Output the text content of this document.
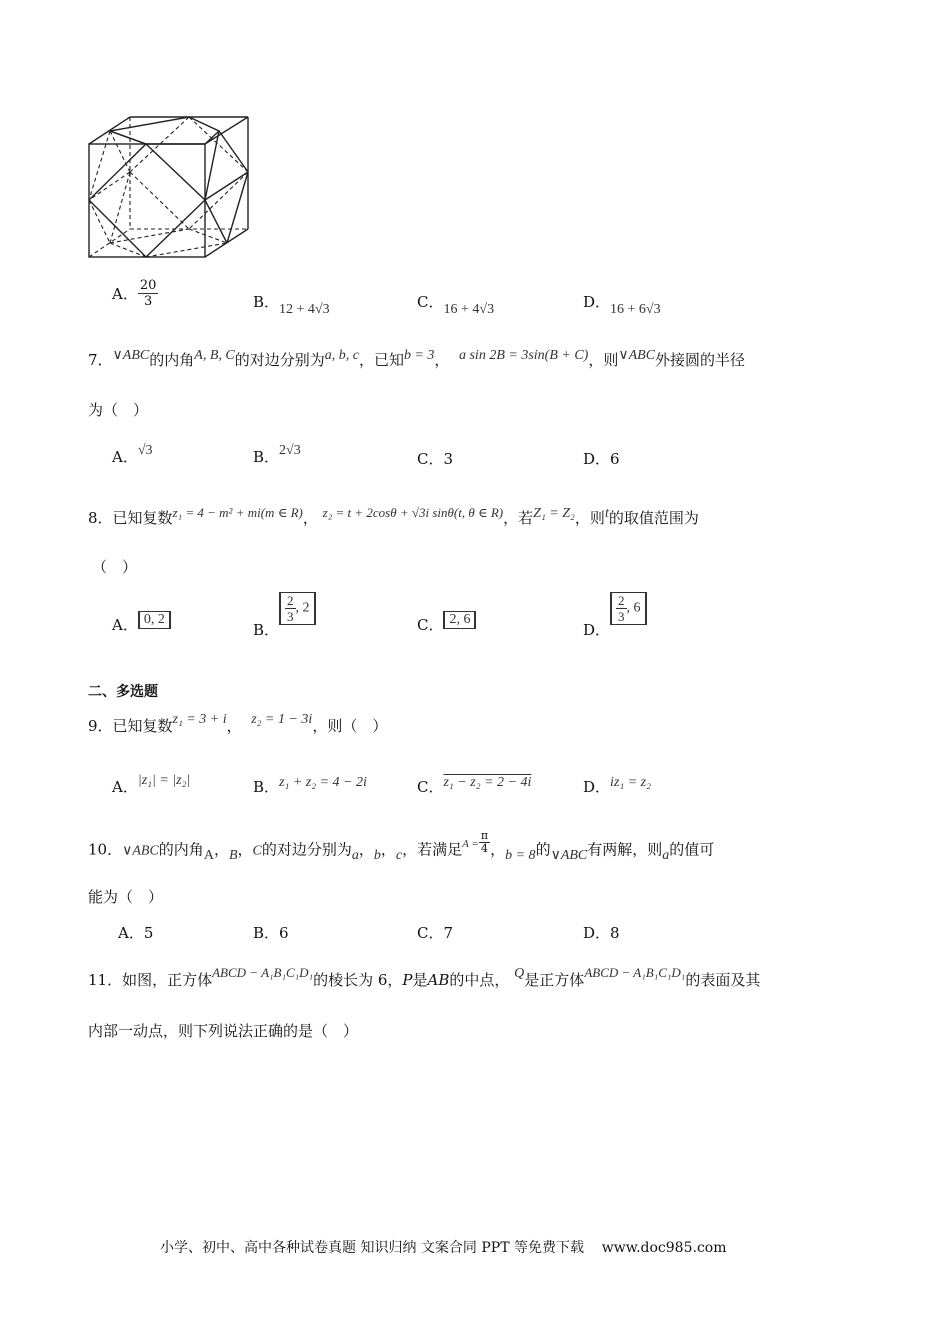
A． $\frac{20}{3}$	B．12 + 4√3	C．16 + 4√3	D．16 + 6√3
7．∨ABC的内角A, B, C的对边分别为a, b, c，已知b = 3， a sin 2B = 3sin(B + C)，则∨ABC外接圆的半径
为（　）
A．√3	B．2√3	C．3	D．6
8．已知复数z₁ = 4 − m² + mi(m ∈ R)， z₂ = t + 2cosθ + √3i sinθ(t, θ ∈ R)，若Z₁ = Z₂，则t的取值范围为
（　）
A． 0, 2
B．
$\frac{2}{3}$ , 2
C． 2, 6
D．
$\frac{2}{3}$ , 6
二、多选题
9．已知复数z₁ = 3 + i， z₂ = 1 − 3i，则（　）
A．|z₁| = |z₂|	B．z₁ + z₂ = 4 − 2i	C．z₁ − z₂ = 2 − 4i	D．iz₁ = z₂
10．∨ABC的内角A，B，C的对边分别为a，b，c，若满足$^{A =} \frac{\pi}{4}$ ，b = 8的∨ABC有两解，则a的值可
能为（　）
A．5	B．6	C．7	D．8
11．如图，正方体ABCD − A₁B₁C₁D₁的棱长为 6，P是AB的中点， Q是正方体ABCD − A₁B₁C₁D₁的表面及其
内部一动点，则下列说法正确的是（　）
小学、初中、高中各种试卷真题 知识归纳 文案合同 PPT 等免费下载 www.doc985.com
